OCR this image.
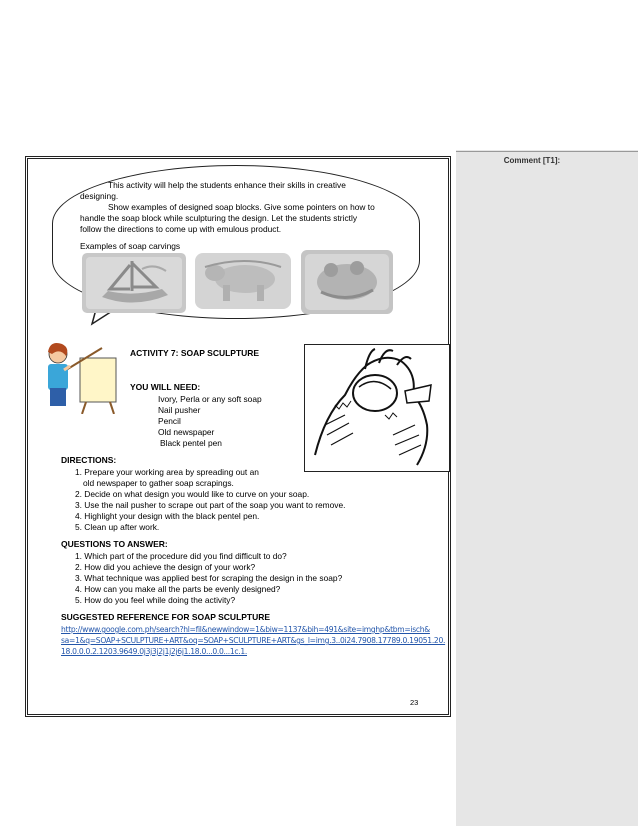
Comment [T1]:
This activity will help the students enhance their skills in creative
designing.
Show examples of designed soap blocks. Give some pointers on how to
handle the soap block while sculpturing the design. Let the students strictly
follow the directions to come up with emulous product.
Examples of soap carvings
ACTIVITY 7: SOAP SCULPTURE
YOU WILL NEED:
Ivory, Perla or any soft soap
Nail pusher
Pencil
Old newspaper
Black pentel pen
DIRECTIONS:
1. Prepare your working area by spreading out an
old newspaper to gather soap scrapings.
2. Decide on what design you would like to curve on your soap.
3. Use the nail pusher to scrape out part of the soap you want to remove.
4. Highlight your design with the black pentel pen.
5. Clean up after work.
QUESTIONS TO ANSWER:
1. Which part of the procedure did you find difficult to do?
2. How did you achieve the design of your work?
3. What technique was applied best for scraping the design in the soap?
4. How can you make all the parts be evenly designed?
5. How do you feel while doing the activity?
SUGGESTED REFERENCE FOR SOAP SCULPTURE
http://www.google.com.ph/search?hl=fil&newwindow=1&biw=1137&bih=491&site=imghp&tbm=isch&
sa=1&q=SOAP+SCULPTURE+ART&oq=SOAP+SCULPTURE+ART&gs_l=img.3..0i24.7908.17789.0.19051.20.
18.0.0.0.2.1203.9649.0j3j3j2j1j2j6j1.18.0...0.0...1c.1.
23
